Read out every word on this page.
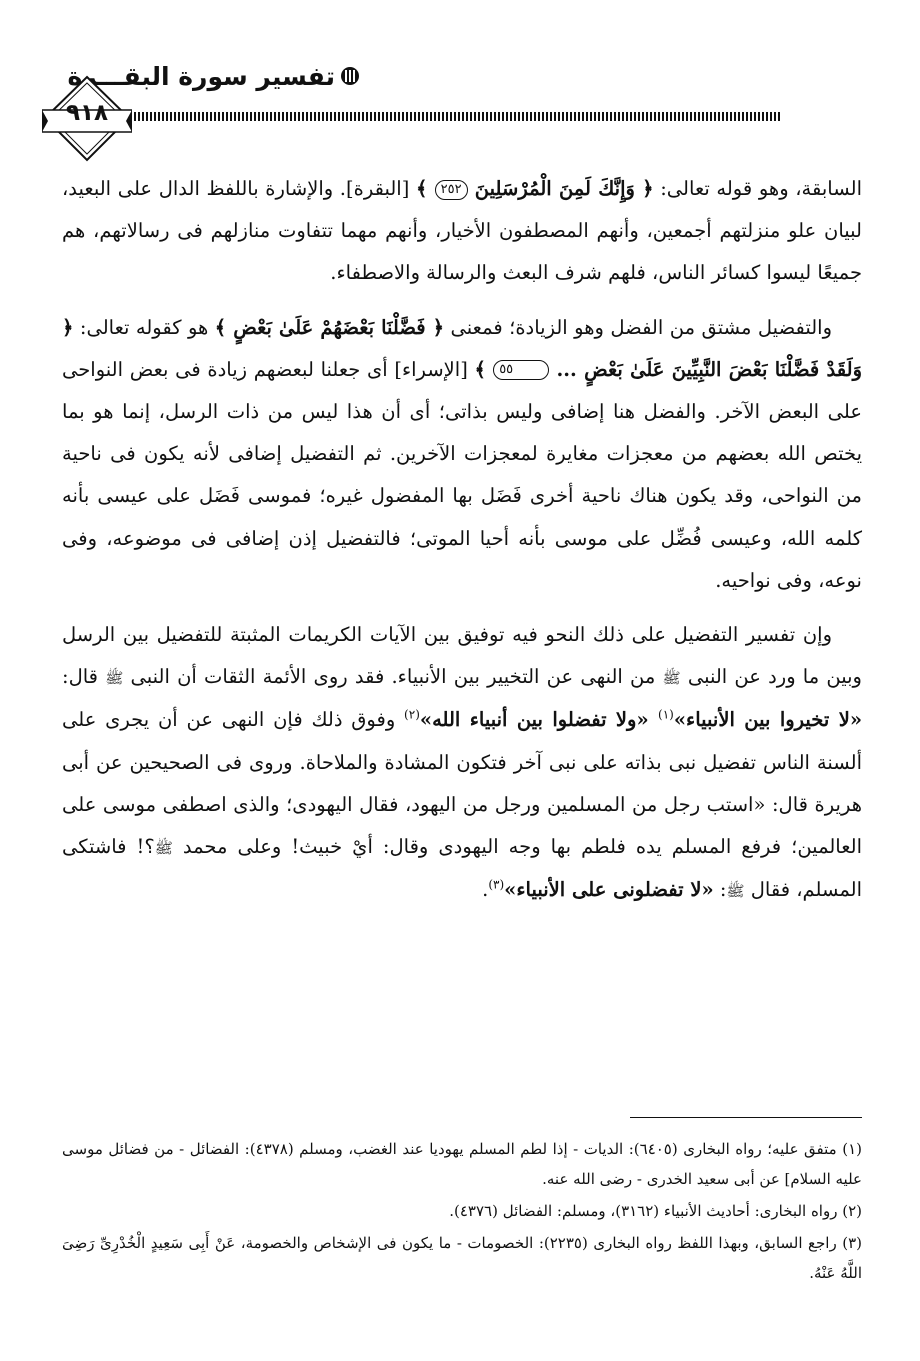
تفسير سورة البقـــرة
٩١٨

السابقة، وهو قوله تعالى: ﴿ وَإِنَّكَ لَمِنَ الْمُرْسَلِينَ ٢٥٢ ﴾ [البقرة]. والإشارة باللفظ الدال على البعيد، لبيان علو منزلتهم أجمعين، وأنهم المصطفون الأخيار، وأنهم مهما تتفاوت منازلهم فى رسالاتهم، هم جميعًا ليسوا كسائر الناس، فلهم شرف البعث والرسالة والاصطفاء.

والتفضيل مشتق من الفضل وهو الزيادة؛ فمعنى ﴿ فَضَّلْنَا بَعْضَهُمْ عَلَىٰ بَعْضٍ ﴾ هو كقوله تعالى: ﴿ وَلَقَدْ فَضَّلْنَا بَعْضَ النَّبِيِّينَ عَلَىٰ بَعْضٍ ... ٥٥ ﴾ [الإسراء] أى جعلنا لبعضهم زيادة فى بعض النواحى على البعض الآخر. والفضل هنا إضافى وليس بذاتى؛ أى أن هذا ليس من ذات الرسل، إنما هو بما يختص الله بعضهم من معجزات مغايرة لمعجزات الآخرين. ثم التفضيل إضافى لأنه يكون فى ناحية من النواحى، وقد يكون هناك ناحية أخرى فَضَل بها المفضول غيره؛ فموسى فَضَل على عيسى بأنه كلمه الله، وعيسى فُضِّل على موسى بأنه أحيا الموتى؛ فالتفضيل إذن إضافى فى موضوعه، وفى نوعه، وفى نواحيه.

وإن تفسير التفضيل على ذلك النحو فيه توفيق بين الآيات الكريمات المثبتة للتفضيل بين الرسل وبين ما ورد عن النبى ﷺ من النهى عن التخيير بين الأنبياء. فقد روى الأئمة الثقات أن النبى ﷺ قال: «لا تخيروا بين الأنبياء»$^{(١)}$ «ولا تفضلوا بين أنبياء الله»$^{(٢)}$ وفوق ذلك فإن النهى عن أن يجرى على ألسنة الناس تفضيل نبى بذاته على نبى آخر فتكون المشادة والملاحاة. وروى فى الصحيحين عن أبى هريرة قال: «استب رجل من المسلمين ورجل من اليهود، فقال اليهودى؛ والذى اصطفى موسى على العالمين؛ فرفع المسلم يده فلطم بها وجه اليهودى وقال: أيْ خبيث! وعلى محمد ﷺ؟! فاشتكى المسلم، فقال ﷺ: «لا تفضلونى على الأنبياء»$^{(٣)}$.

(١) متفق عليه؛ رواه البخارى (٦٤٠٥): الديات - إذا لطم المسلم يهوديا عند الغضب، ومسلم (٤٣٧٨): الفضائل - من فضائل موسى عليه السلام] عن أبى سعيد الخدرى - رضى الله عنه.

(٢) رواه البخارى: أحاديث الأنبياء (٣١٦٢)، ومسلم: الفضائل (٤٣٧٦).

(٣) راجع السابق، وبهذا اللفظ رواه البخارى (٢٢٣٥): الخصومات - ما يكون فى الإشخاص والخصومة، عَنْ أَبِى سَعِيدٍ الْخُدْرِىِّ رَضِىَ اللَّهُ عَنْهُ.
